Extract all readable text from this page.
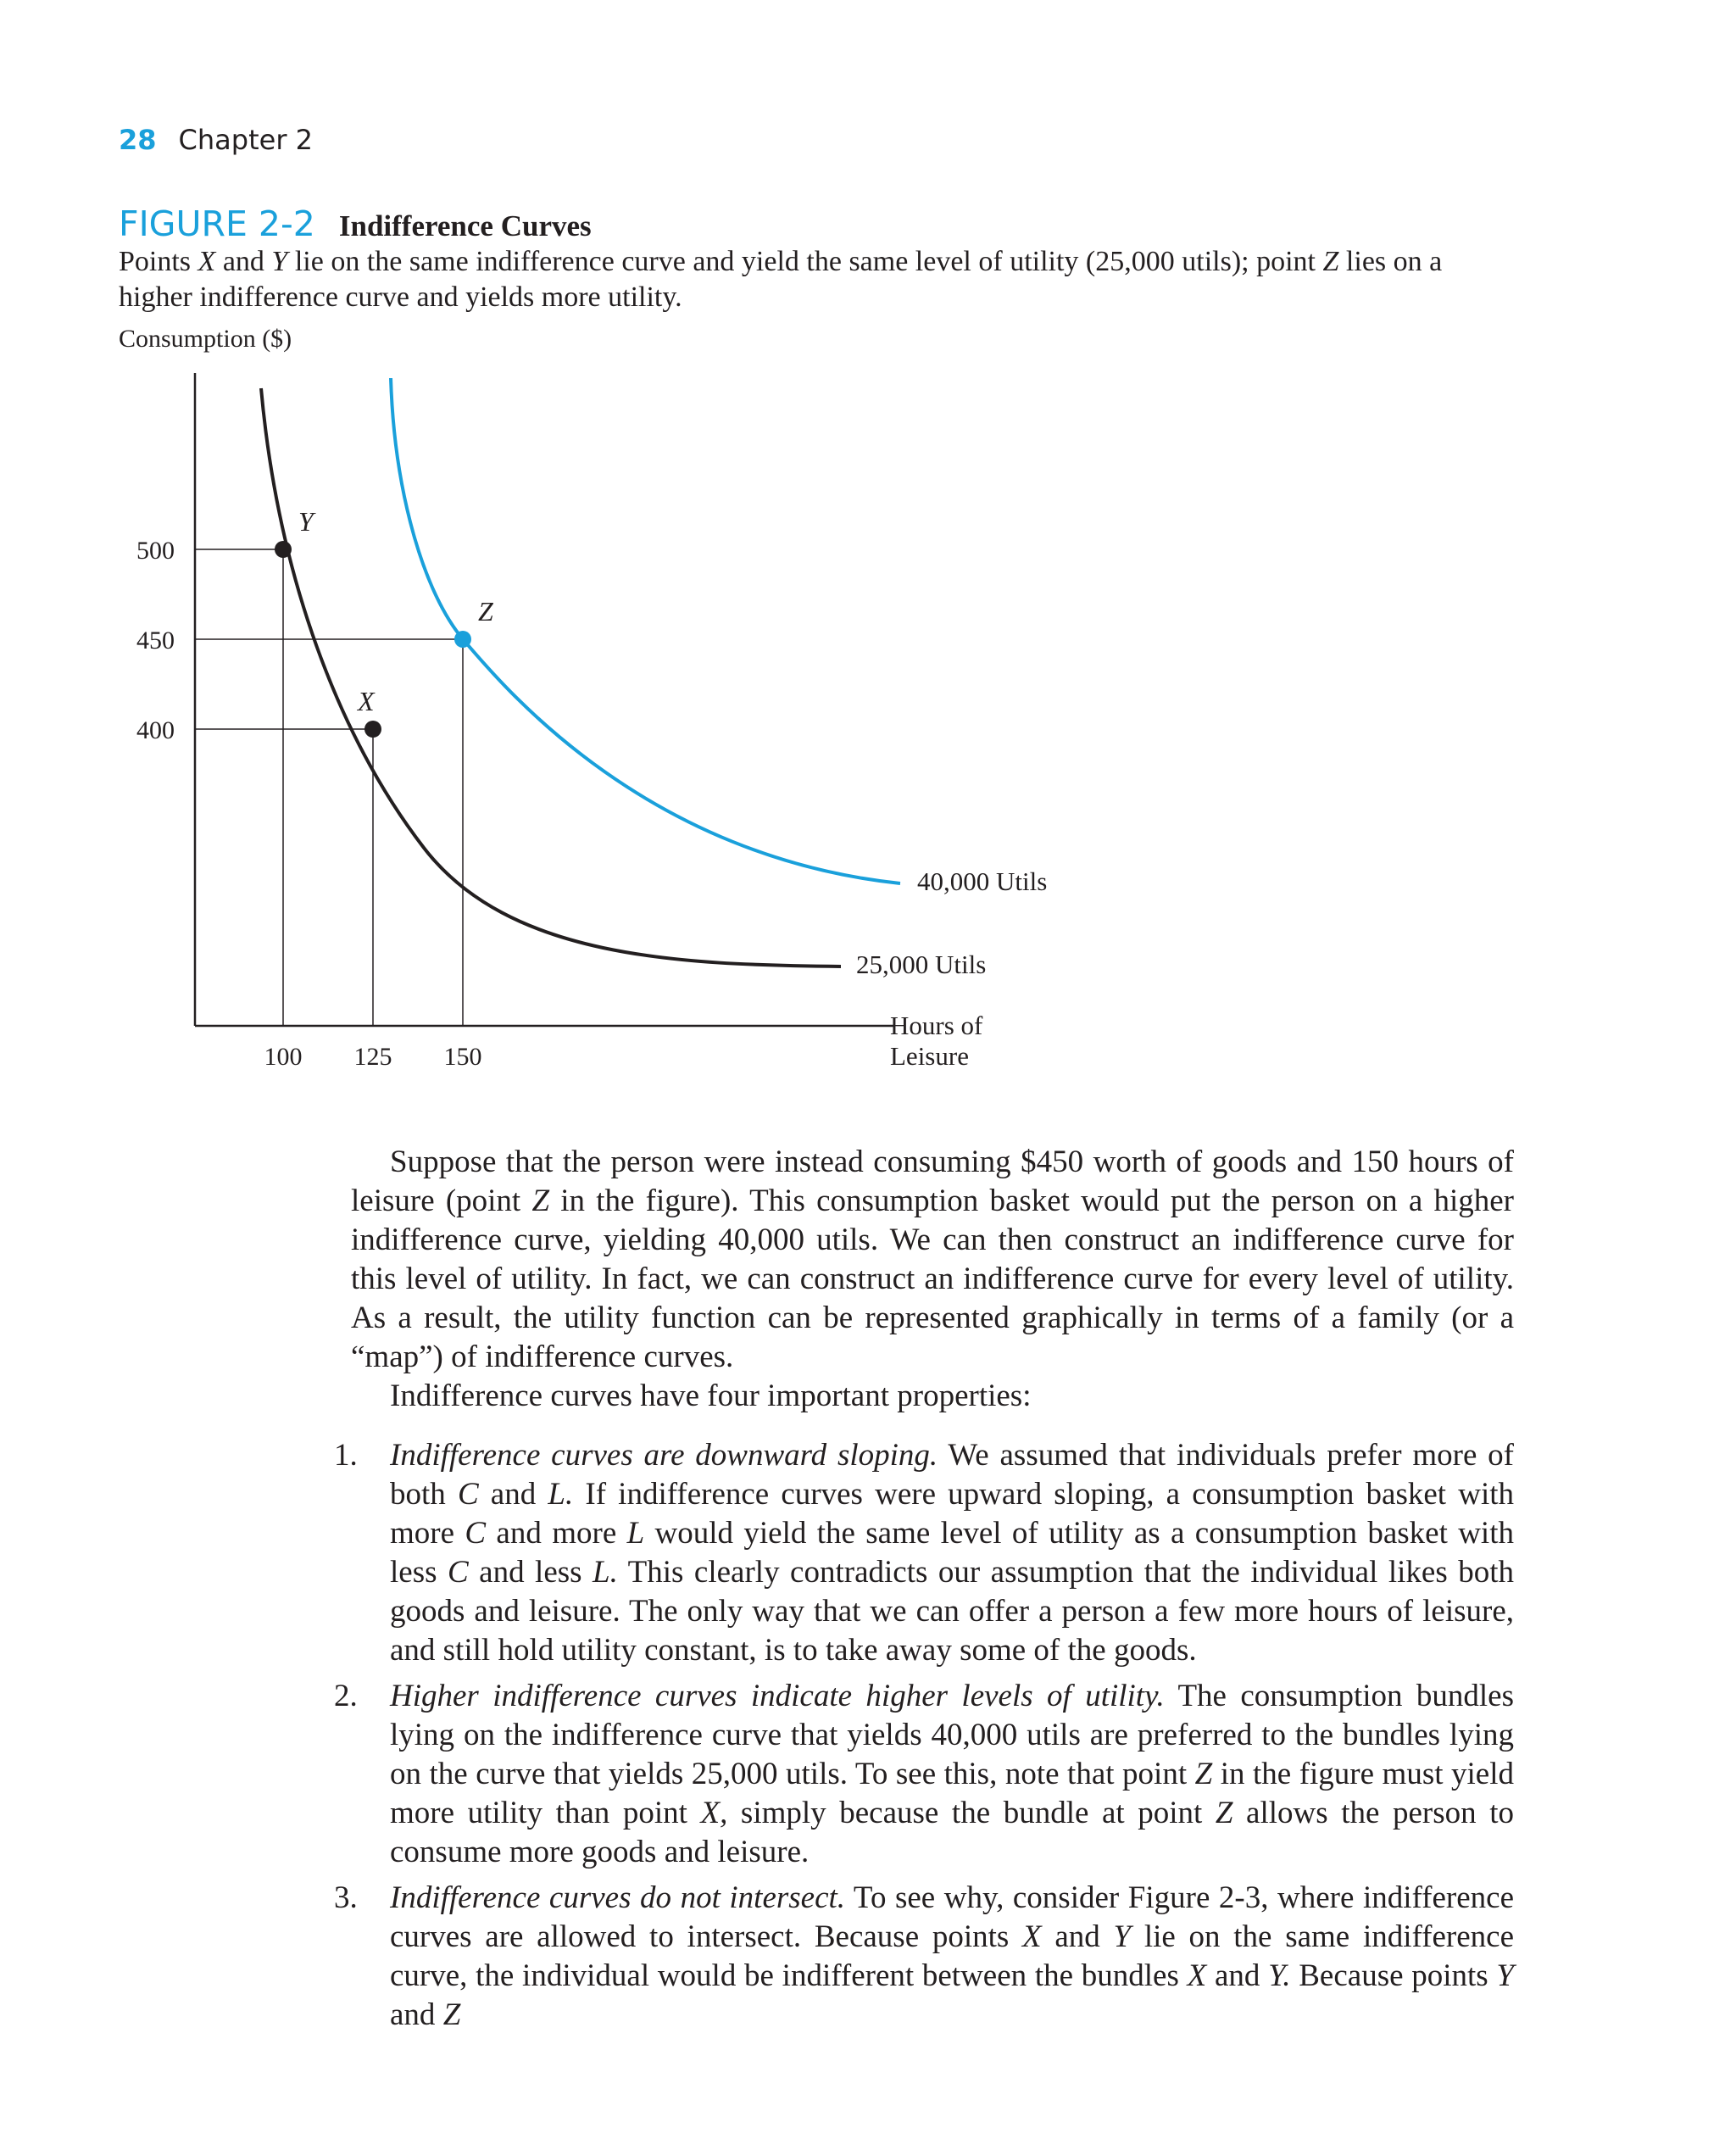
28 Chapter 2
FIGURE 2-2 Indifference Curves
Points X and Y lie on the same indifference curve and yield the same level of utility (25,000 utils); point Z lies on a higher indifference curve and yields more utility.
Consumption ($)
500
450
400
100 125 150
Y
X
Z
25,000 Utils
40,000 Utils
Hours of
Leisure

Suppose that the person were instead consuming $450 worth of goods and 150 hours of leisure (point Z in the figure). This consumption basket would put the person on a higher indifference curve, yielding 40,000 utils. We can then construct an indifference curve for this level of utility. In fact, we can construct an indifference curve for every level of utility. As a result, the utility function can be represented graphically in terms of a family (or a “map”) of indifference curves.

Indifference curves have four important properties:

1. Indifference curves are downward sloping. We assumed that individuals prefer more of both C and L. If indifference curves were upward sloping, a consumption basket with more C and more L would yield the same level of utility as a consumption basket with less C and less L. This clearly contradicts our assumption that the individual likes both goods and leisure. The only way that we can offer a person a few more hours of leisure, and still hold utility constant, is to take away some of the goods.
2. Higher indifference curves indicate higher levels of utility. The consumption bundles lying on the indifference curve that yields 40,000 utils are preferred to the bundles lying on the curve that yields 25,000 utils. To see this, note that point Z in the figure must yield more utility than point X, simply because the bundle at point Z allows the person to consume more goods and leisure.
3. Indifference curves do not intersect. To see why, consider Figure 2-3, where indifference curves are allowed to intersect. Because points X and Y lie on the same indifference curve, the individual would be indifferent between the bundles X and Y. Because points Y and Z
